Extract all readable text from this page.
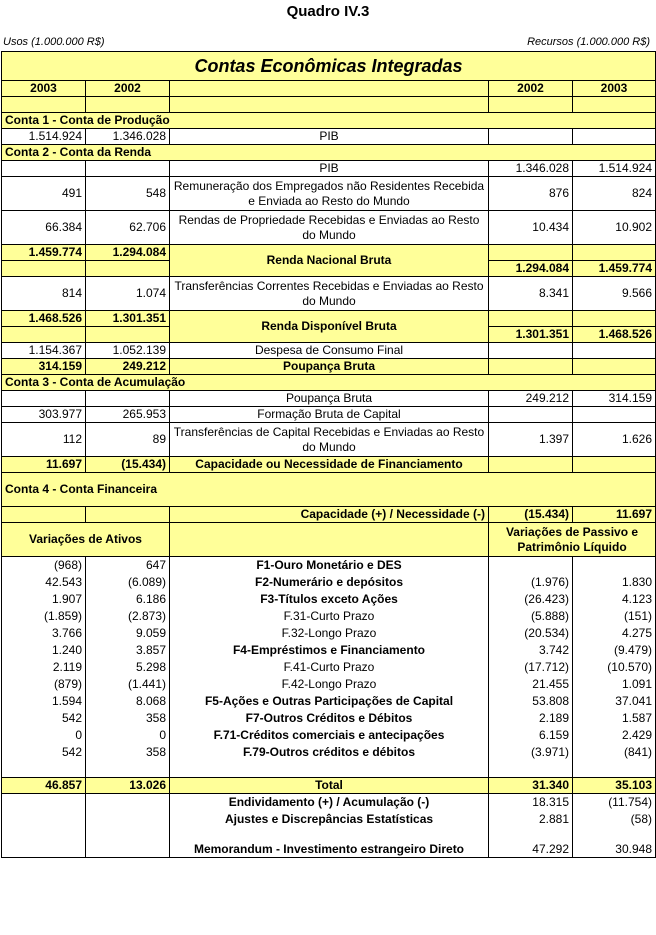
Quadro IV.3
Usos (1.000.000 R$)	Recursos (1.000.000 R$)
Contas Econômicas Integradas				
2003	2002		2002	2003

Conta 1 - Conta de Produção				
1.514.924	1.346.028	PIB		
Conta 2 - Conta da Renda				
		PIB	1.346.028	1.514.924
491	548	Remuneração dos Empregados não Residentes Recebida e Enviada ao Resto do Mundo	876	824
66.384	62.706	Rendas de Propriedade Recebidas e Enviadas ao Resto do Mundo	10.434	10.902
1.459.774	1.294.084	Renda Nacional Bruta		
			1.294.084	1.459.774
814	1.074	Transferências Correntes Recebidas e Enviadas ao Resto do Mundo	8.341	9.566
1.468.526	1.301.351	Renda Disponível Bruta		
			1.301.351	1.468.526
1.154.367	1.052.139	Despesa de Consumo Final		
314.159	249.212	Poupança Bruta		
Conta 3 - Conta de Acumulação				
		Poupança Bruta	249.212	314.159
303.977	265.953	Formação Bruta de Capital		
112	89	Transferências de Capital Recebidas e Enviadas ao Resto do Mundo	1.397	1.626
11.697	(15.434)	Capacidade ou Necessidade de Financiamento		
Conta 4 - Conta Financeira				
		Capacidade (+) / Necessidade (-)	(15.434)	11.697
Variações de Ativos			Variações de Passivo e Patrimônio Líquido	
(968)	647	F1-Ouro Monetário e DES		
42.543	(6.089)	F2-Numerário e depósitos	(1.976)	1.830
1.907	6.186	F3-Títulos exceto Ações	(26.423)	4.123
(1.859)	(2.873)	F.31-Curto Prazo	(5.888)	(151)
3.766	9.059	F.32-Longo Prazo	(20.534)	4.275
1.240	3.857	F4-Empréstimos e Financiamento	3.742	(9.479)
2.119	5.298	F.41-Curto Prazo	(17.712)	(10.570)
(879)	(1.441)	F.42-Longo Prazo	21.455	1.091
1.594	8.068	F5-Ações e Outras Participações de Capital	53.808	37.041
542	358	F7-Outros Créditos e Débitos	2.189	1.587
0	0	F.71-Créditos comerciais e antecipações	6.159	2.429
542	358	F.79-Outros créditos e débitos	(3.971)	(841)

46.857	13.026	Total	31.340	35.103
		Endividamento (+) / Acumulação (-)	18.315	(11.754)
		Ajustes e Discrepâncias Estatísticas	2.881	(58)
		Memorandum - Investimento estrangeiro Direto	47.292	30.948
